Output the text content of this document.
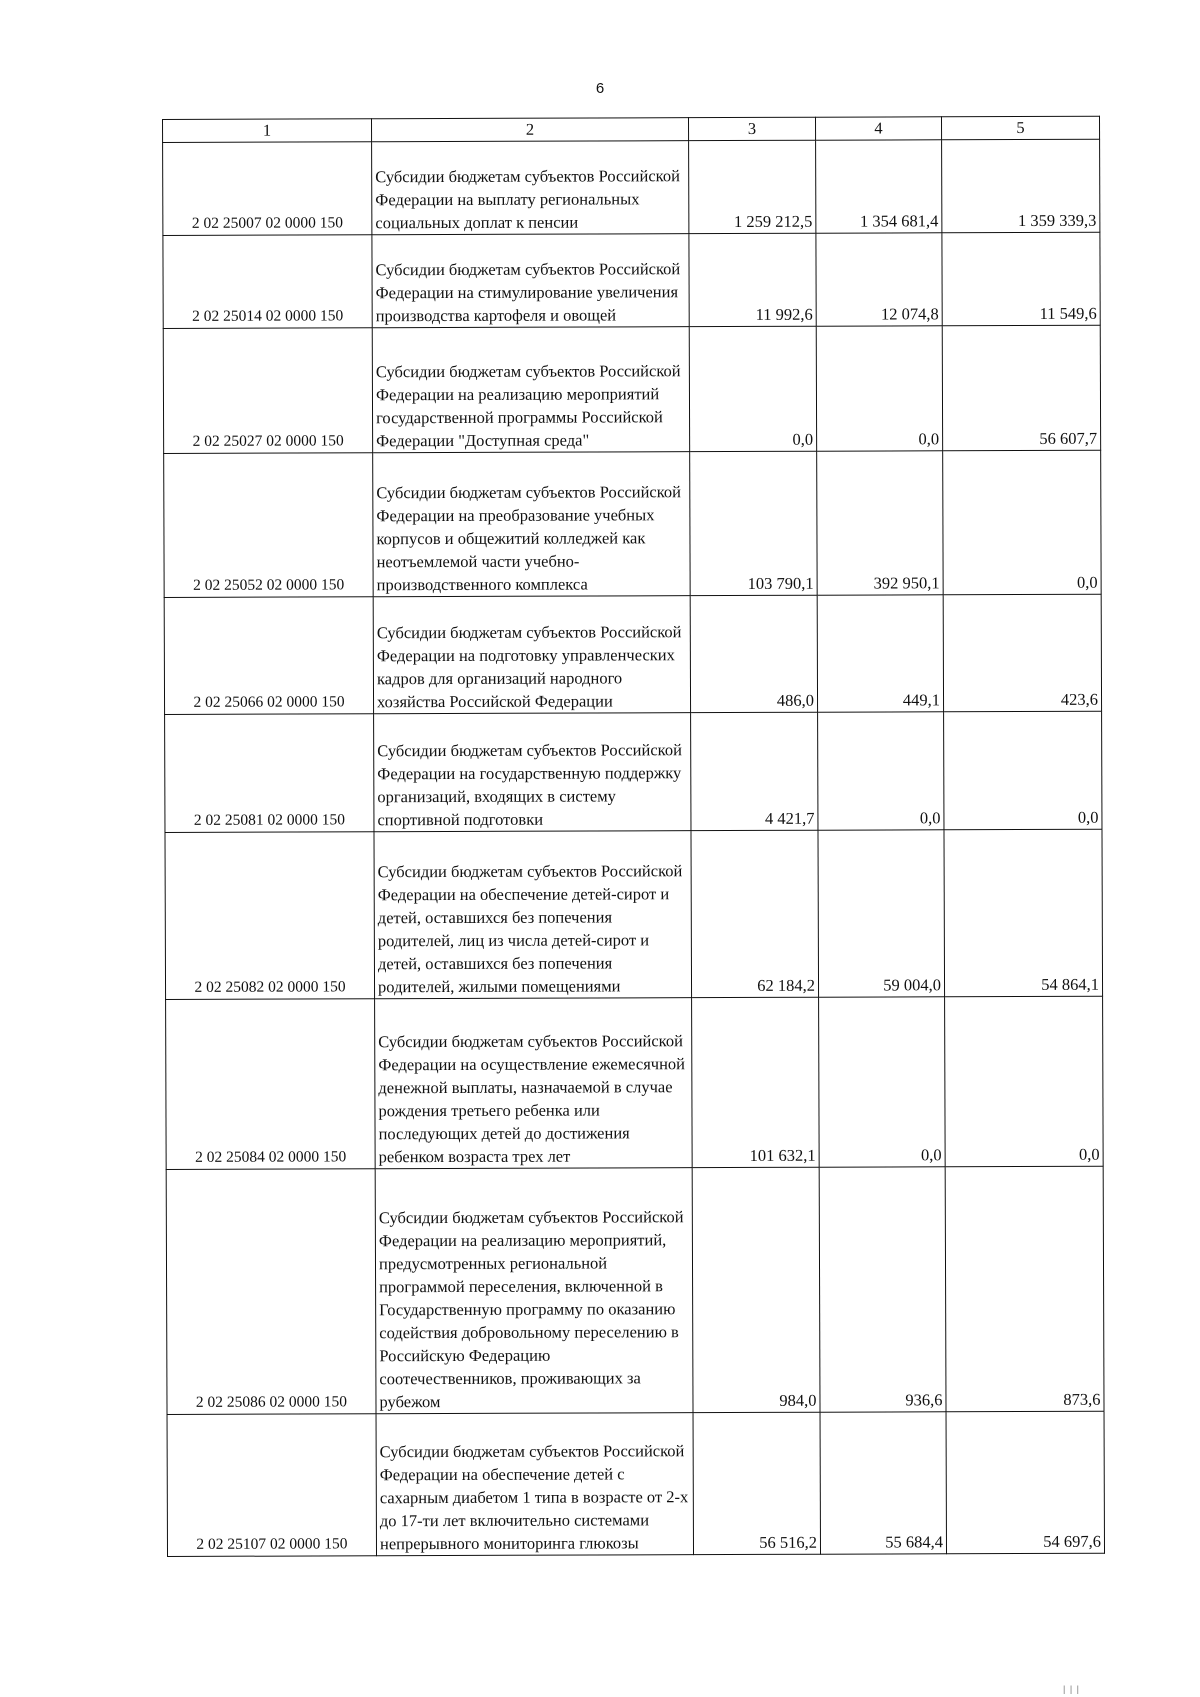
6
1	2	3	4	5
2 02 25007 02 0000 150	Субсидии бюджетам субъектов Российской Федерации на выплату региональных социальных доплат к пенсии	1 259 212,5	1 354 681,4	1 359 339,3
2 02 25014 02 0000 150	Субсидии бюджетам субъектов Российской Федерации на стимулирование увеличения производства картофеля и овощей	11 992,6	12 074,8	11 549,6
2 02 25027 02 0000 150	Субсидии бюджетам субъектов Российской Федерации на реализацию мероприятий государственной программы Российской Федерации "Доступная среда"	0,0	0,0	56 607,7
2 02 25052 02 0000 150	Субсидии бюджетам субъектов Российской Федерации на преобразование учебных корпусов и общежитий колледжей как неотъемлемой части учебно-производственного комплекса	103 790,1	392 950,1	0,0
2 02 25066 02 0000 150	Субсидии бюджетам субъектов Российской Федерации на подготовку управленческих кадров для организаций народного хозяйства Российской Федерации	486,0	449,1	423,6
2 02 25081 02 0000 150	Субсидии бюджетам субъектов Российской Федерации на государственную поддержку организаций, входящих в систему спортивной подготовки	4 421,7	0,0	0,0
2 02 25082 02 0000 150	Субсидии бюджетам субъектов Российской Федерации на обеспечение детей-сирот и детей, оставшихся без попечения родителей, лиц из числа детей-сирот и детей, оставшихся без попечения родителей, жилыми помещениями	62 184,2	59 004,0	54 864,1
2 02 25084 02 0000 150	Субсидии бюджетам субъектов Российской Федерации на осуществление ежемесячной денежной выплаты, назначаемой в случае рождения третьего ребенка или последующих детей до достижения ребенком возраста трех лет	101 632,1	0,0	0,0
2 02 25086 02 0000 150	Субсидии бюджетам субъектов Российской Федерации на реализацию мероприятий, предусмотренных региональной программой переселения, включенной в Государственную программу по оказанию содействия добровольному переселению в Российскую Федерацию соотечественников, проживающих за рубежом	984,0	936,6	873,6
2 02 25107 02 0000 150	Субсидии бюджетам субъектов Российской Федерации на обеспечение детей с сахарным диабетом 1 типа в возрасте от 2-х до 17-ти лет включительно системами непрерывного мониторинга глюкозы	56 516,2	55 684,4	54 697,6
| | |
